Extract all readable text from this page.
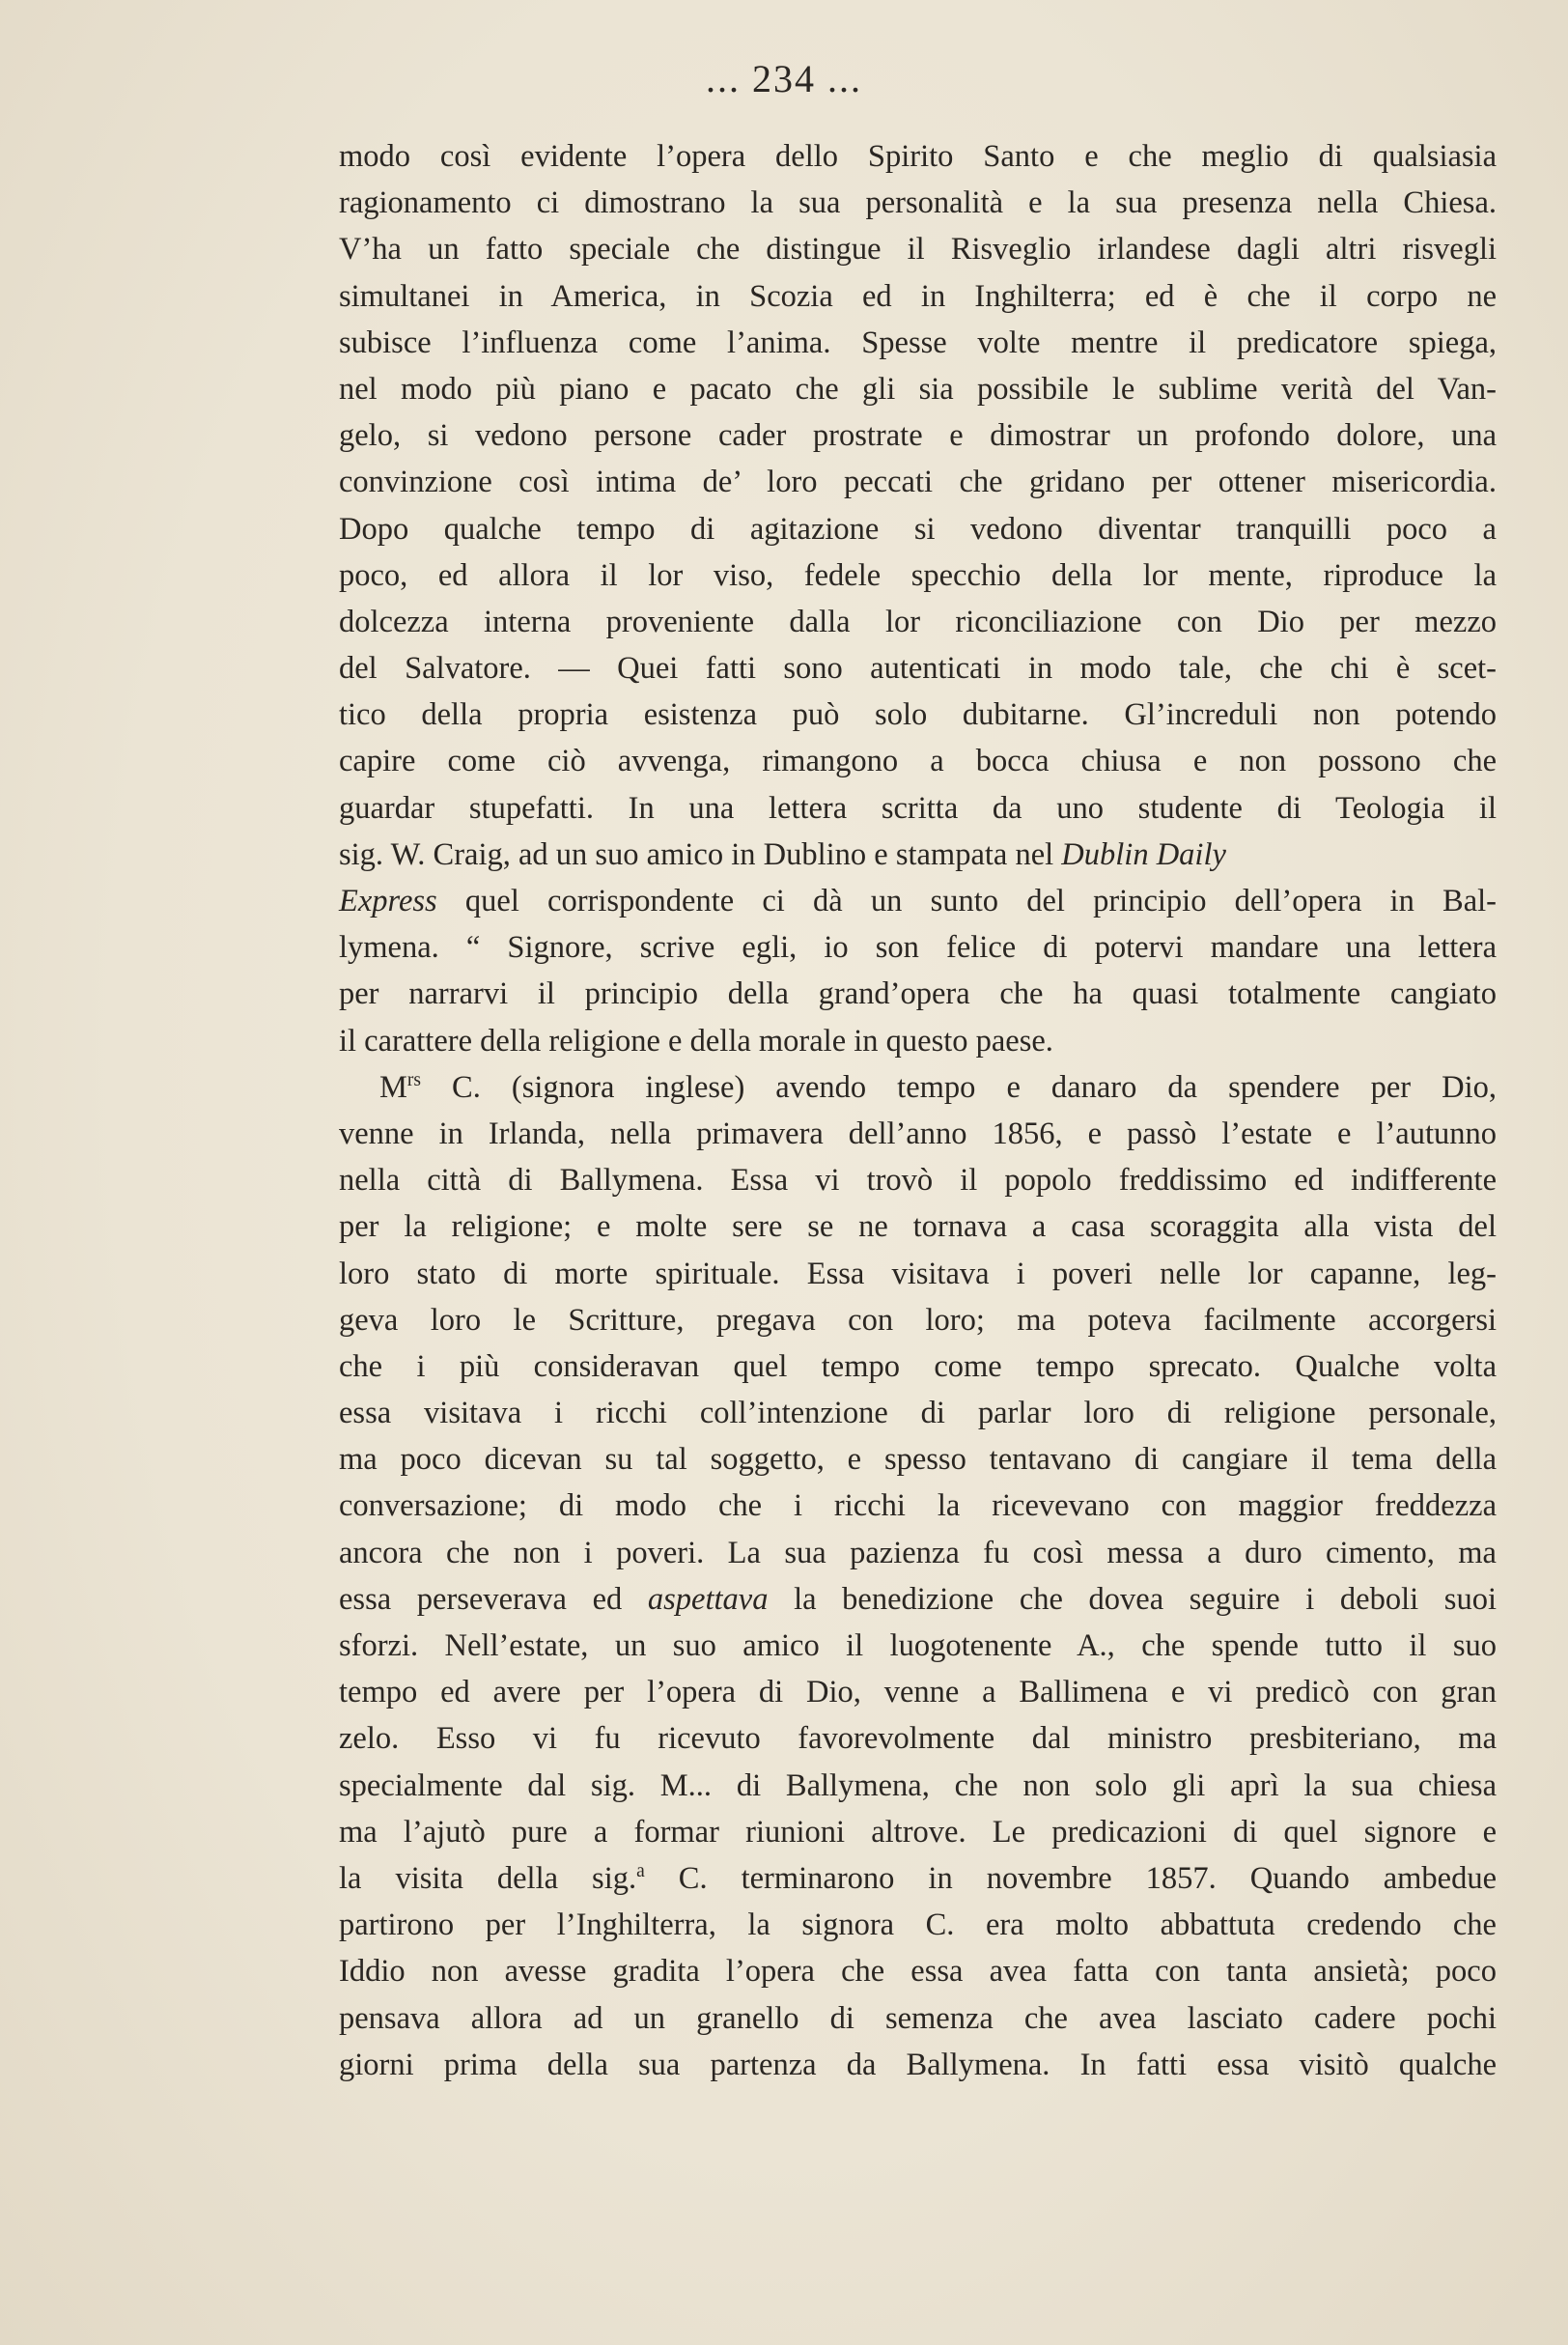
... 234 ...
modo così evidente l’opera dello Spirito Santo e che meglio di qualsiasia
ragionamento ci dimostrano la sua personalità e la sua presenza nella Chiesa.
V’ha un fatto speciale che distingue il Risveglio irlandese dagli altri risvegli
simultanei in America, in Scozia ed in Inghilterra; ed è che il corpo ne
subisce l’influenza come l’anima. Spesse volte mentre il predicatore spiega,
nel modo più piano e pacato che gli sia possibile le sublime verità del Van-
gelo, si vedono persone cader prostrate e dimostrar un profondo dolore, una
convinzione così intima de’ loro peccati che gridano per ottener misericordia.
Dopo qualche tempo di agitazione si vedono diventar tranquilli poco a
poco, ed allora il lor viso, fedele specchio della lor mente, riproduce la
dolcezza interna proveniente dalla lor riconciliazione con Dio per mezzo
del Salvatore. — Quei fatti sono autenticati in modo tale, che chi è scet-
tico della propria esistenza può solo dubitarne. Gl’increduli non potendo
capire come ciò avvenga, rimangono a bocca chiusa e non possono che
guardar stupefatti. In una lettera scritta da uno studente di Teologia il
sig. W. Craig, ad un suo amico in Dublino e stampata nel Dublin Daily
Express quel corrispondente ci dà un sunto del principio dell’opera in Bal-
lymena. “ Signore, scrive egli, io son felice di potervi mandare una lettera
per narrarvi il principio della grand’opera che ha quasi totalmente cangiato
il carattere della religione e della morale in questo paese.
$M^{rs}$ C. (signora inglese) avendo tempo e danaro da spendere per Dio,
venne in Irlanda, nella primavera dell’anno 1856, e passò l’estate e l’autunno
nella città di Ballymena. Essa vi trovò il popolo freddissimo ed indifferente
per la religione; e molte sere se ne tornava a casa scoraggita alla vista del
loro stato di morte spirituale. Essa visitava i poveri nelle lor capanne, leg-
geva loro le Scritture, pregava con loro; ma poteva facilmente accorgersi
che i più consideravan quel tempo come tempo sprecato. Qualche volta
essa visitava i ricchi coll’intenzione di parlar loro di religione personale,
ma poco dicevan su tal soggetto, e spesso tentavano di cangiare il tema della
conversazione; di modo che i ricchi la ricevevano con maggior freddezza
ancora che non i poveri. La sua pazienza fu così messa a duro cimento, ma
essa perseverava ed aspettava la benedizione che dovea seguire i deboli suoi
sforzi. Nell’estate, un suo amico il luogotenente A., che spende tutto il suo
tempo ed avere per l’opera di Dio, venne a Ballimena e vi predicò con gran
zelo. Esso vi fu ricevuto favorevolmente dal ministro presbiteriano, ma
specialmente dal sig. M... di Ballymena, che non solo gli aprì la sua chiesa
ma l’ajutò pure a formar riunioni altrove. Le predicazioni di quel signore e
la visita della sig.$^a$ C. terminarono in novembre 1857. Quando ambedue
partirono per l’Inghilterra, la signora C. era molto abbattuta credendo che
Iddio non avesse gradita l’opera che essa avea fatta con tanta ansietà; poco
pensava allora ad un granello di semenza che avea lasciato cadere pochi
giorni prima della sua partenza da Ballymena. In fatti essa visitò qualche
